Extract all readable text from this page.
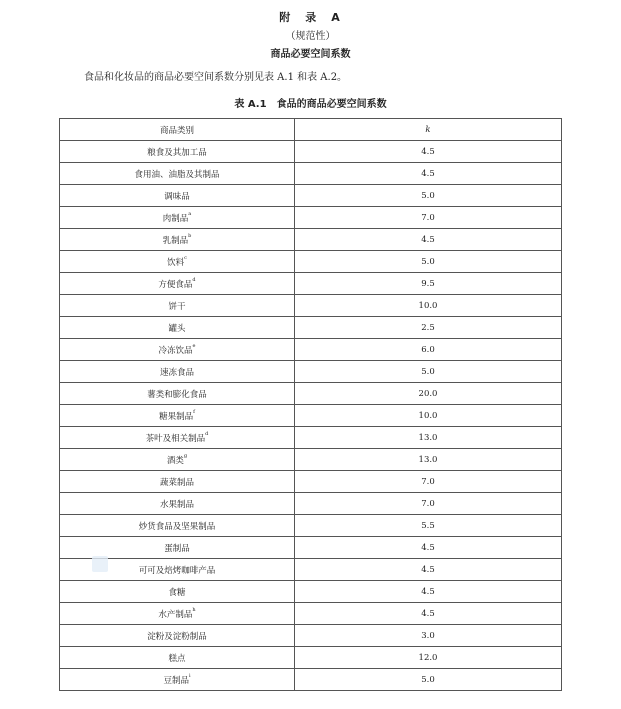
附　录　A
（规范性）
商品必要空间系数
食品和化妆品的商品必要空间系数分别见表 A.1 和表 A.2。
表 A.1　食品的商品必要空间系数
商品类别	k
粮食及其加工品	4.5
食用油、油脂及其制品	4.5
调味品	5.0
肉制品$^a$	7.0
乳制品$^b$	4.5
饮料$^c$	5.0
方便食品$^d$	9.5
饼干	10.0
罐头	2.5
冷冻饮品$^e$	6.0
速冻食品	5.0
薯类和膨化食品	20.0
糖果制品$^f$	10.0
茶叶及相关制品$^d$	13.0
酒类$^g$	13.0
蔬菜制品	7.0
水果制品	7.0
炒货食品及坚果制品	5.5
蛋制品	4.5
可可及焙烤咖啡产品	4.5
食糖	4.5
水产制品$^h$	4.5
淀粉及淀粉制品	3.0
糕点	12.0
豆制品$^i$	5.0
